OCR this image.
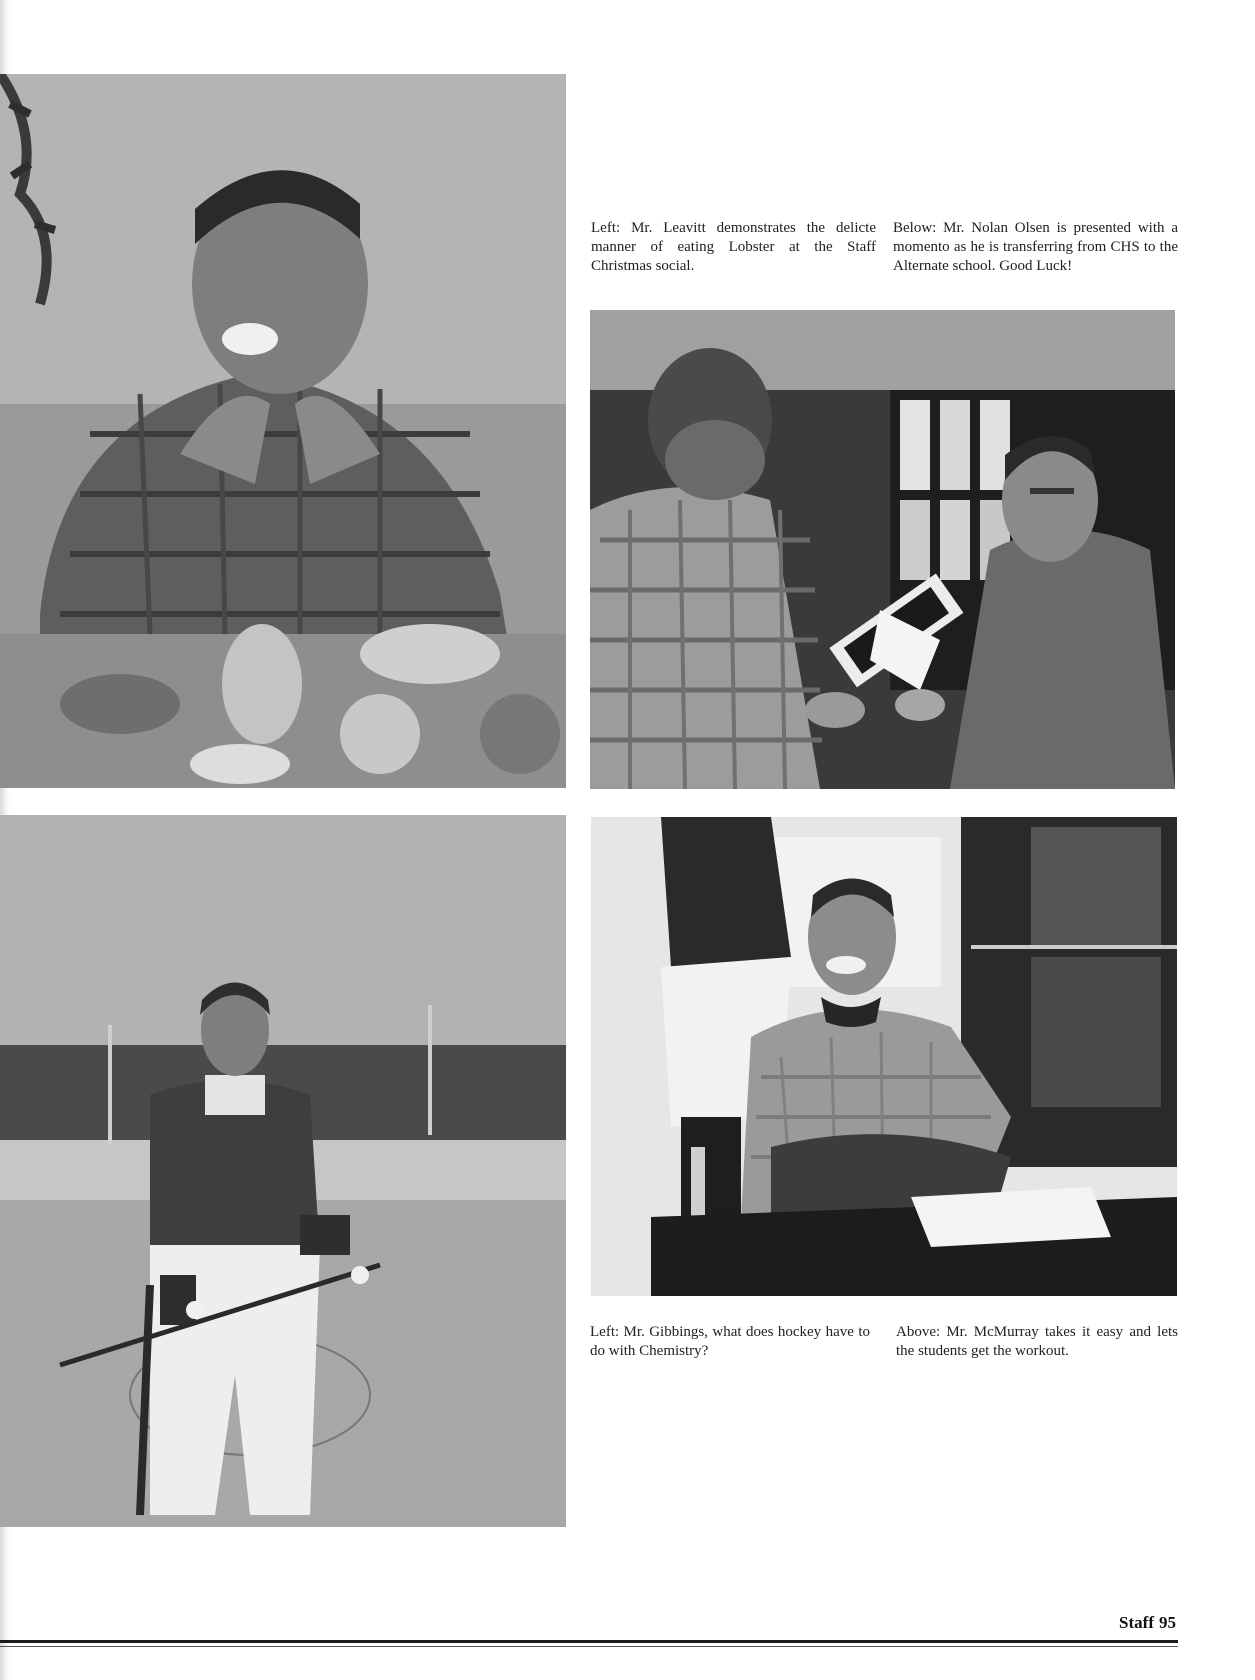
Left: Mr. Leavitt demonstrates the delicte manner of eating Lobster at the Staff Christmas social.

Below: Mr. Nolan Olsen is presented with a momento as he is transferring from CHS to the Alternate school. Good Luck!

Left: Mr. Gibbings, what does hockey have to do with Chemistry?

Above: Mr. McMurray takes it easy and lets the students get the workout.

Staff 95
